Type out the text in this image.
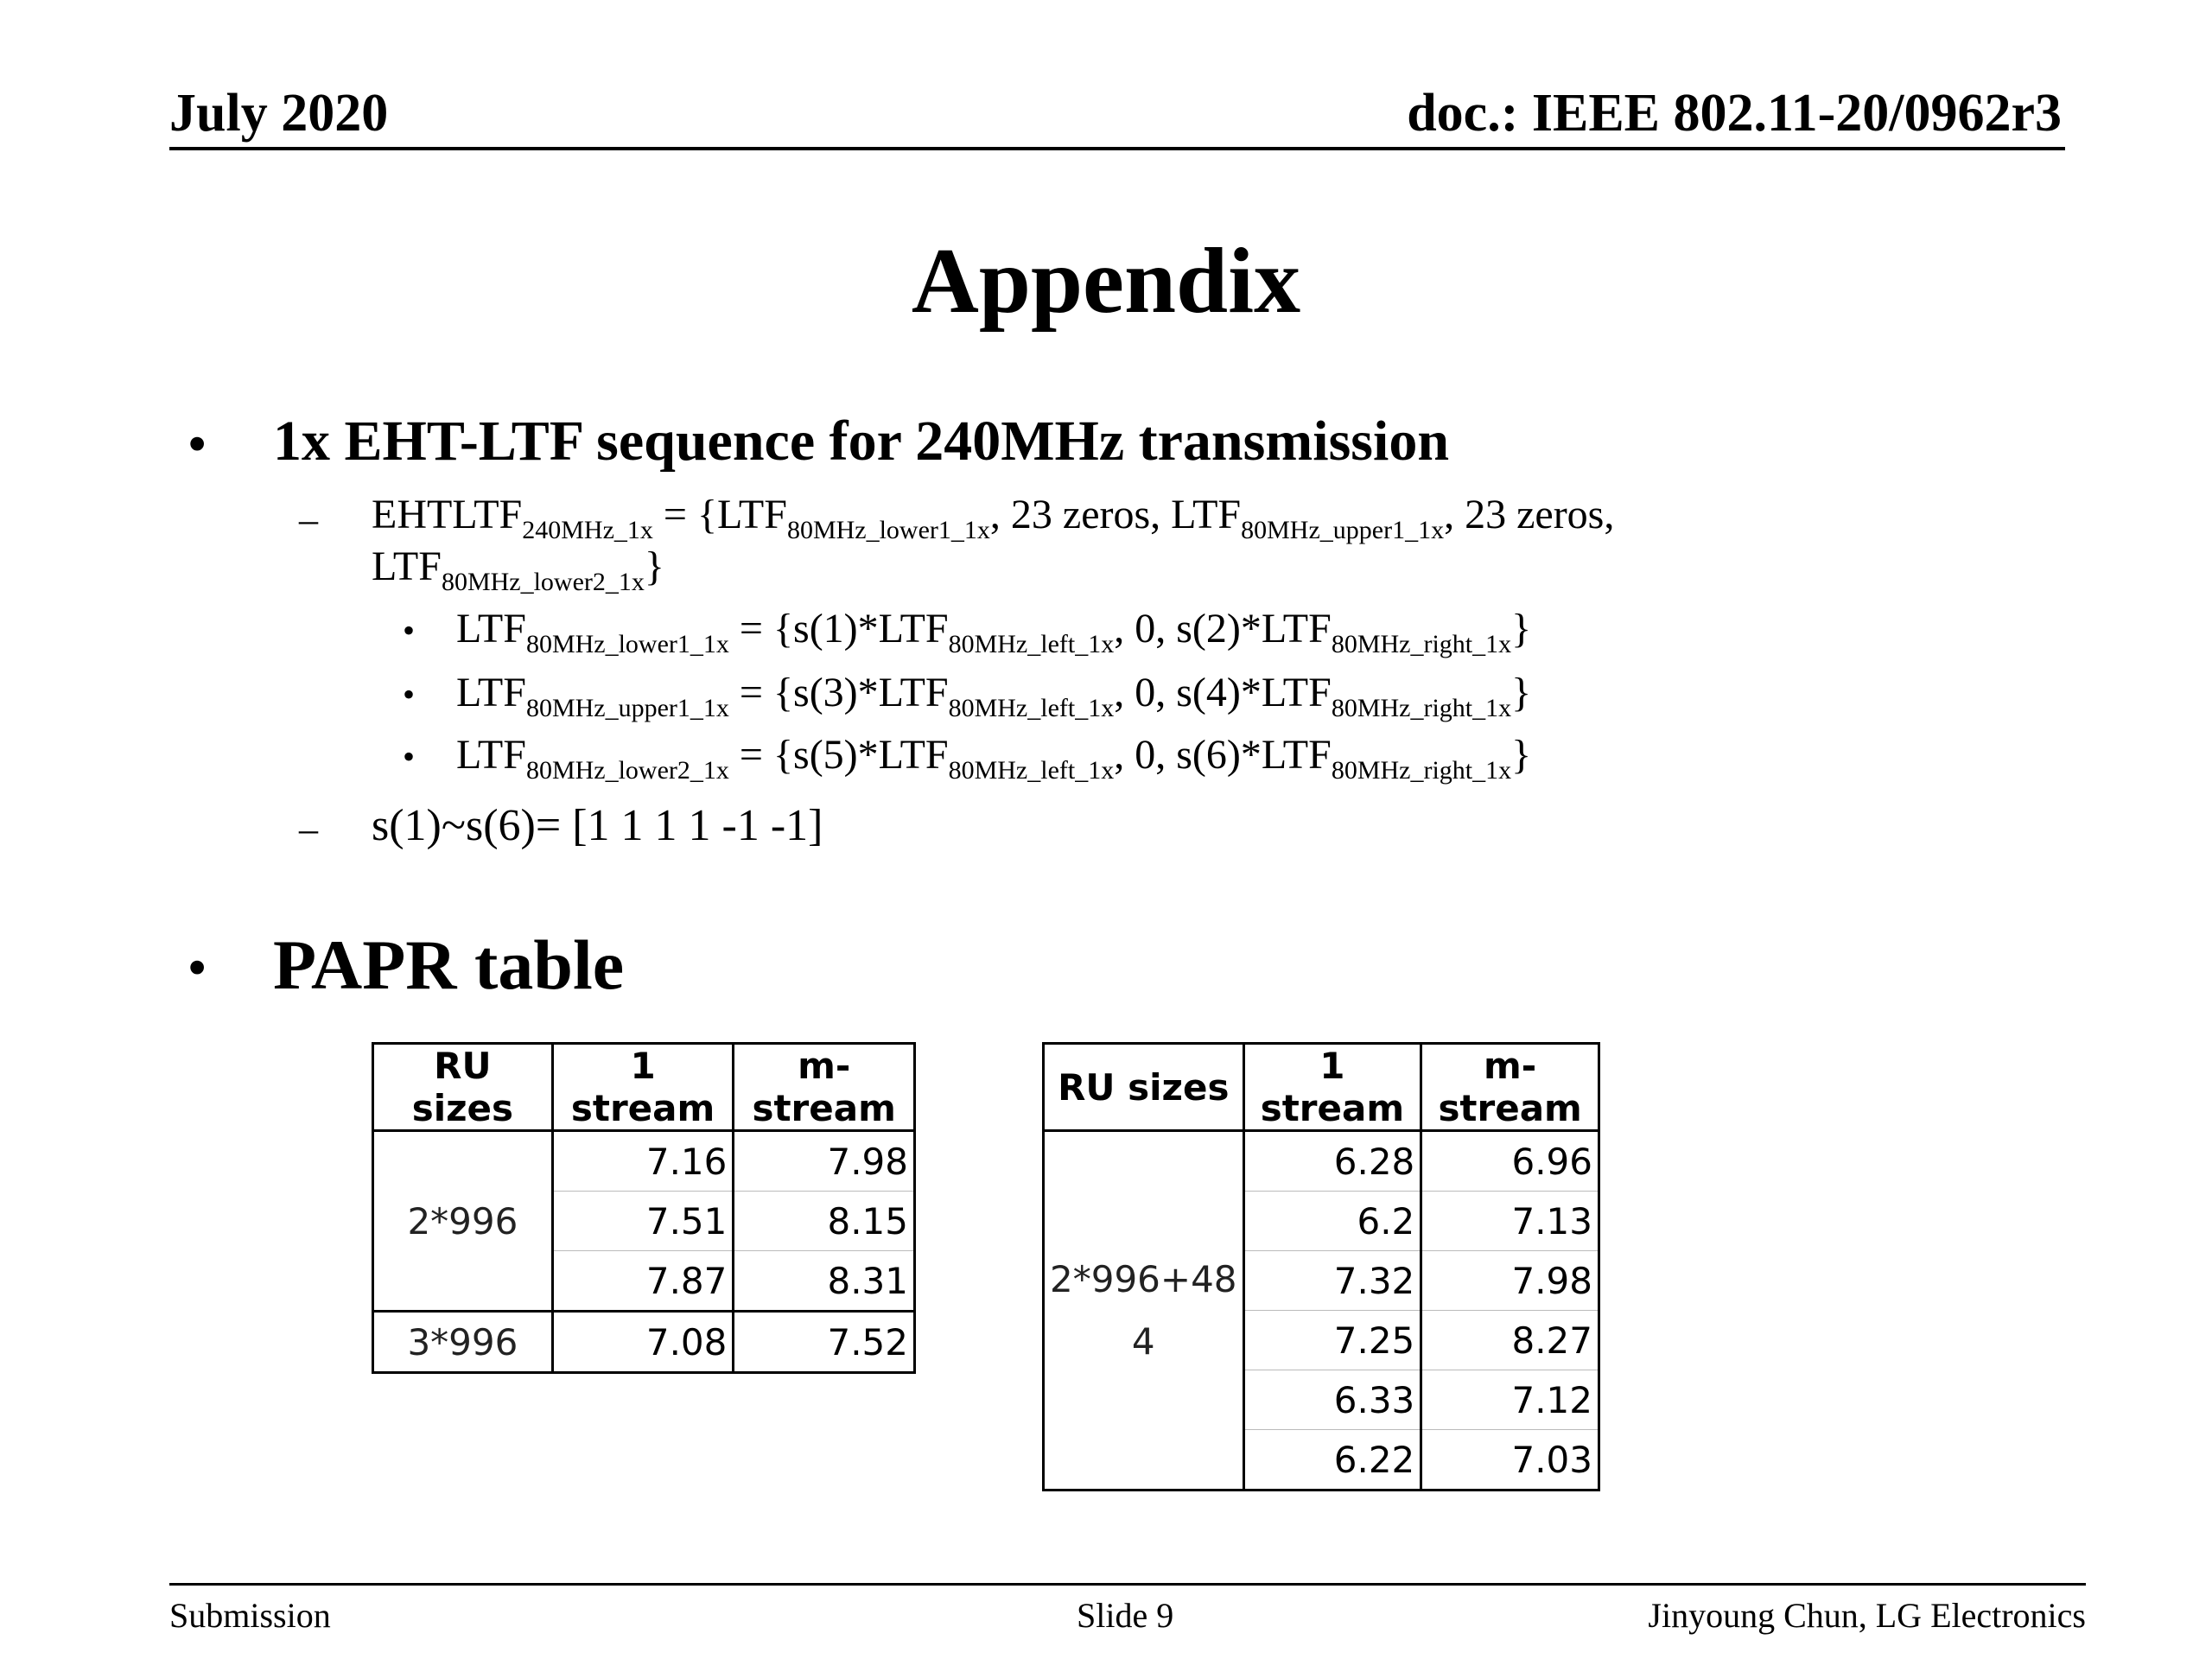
July 2020	doc.: IEEE 802.11-20/0962r3
Appendix
• 1x EHT-LTF sequence for 240MHz transmission
– $EHTLTF_{240MHz\_1x} = \{LTF_{80MHz\_lower1\_1x}$, 23 zeros, $LTF_{80MHz\_upper1\_1x}$, 23 zeros,
$LTF_{80MHz\_lower2\_1x}$}
• $LTF_{80MHz\_lower1\_1x} = \{s(1)*LTF_{80MHz\_left\_1x}$, 0, $s(2)*LTF_{80MHz\_right\_1x}$}
• $LTF_{80MHz\_upper1\_1x} = \{s(3)*LTF_{80MHz\_left\_1x}$, 0, $s(4)*LTF_{80MHz\_right\_1x}$}
• $LTF_{80MHz\_lower2\_1x} = \{s(5)*LTF_{80MHz\_left\_1x}$, 0, $s(6)*LTF_{80MHz\_right\_1x}$}
– s(1)~s(6)= [1 1 1 1 -1 -1]
• PAPR table
RU sizes	1 stream	m-stream
2*996	7.16	7.98
	7.51	8.15
	7.87	8.31
3*996	7.08	7.52
RU sizes	1 stream	m-stream

2*996+48
4	6.28	6.96
	6.2	7.13
	7.32	7.98
	7.25	8.27
	6.33	7.12
	6.22	7.03
Submission	Slide 9	Jinyoung Chun, LG Electronics
